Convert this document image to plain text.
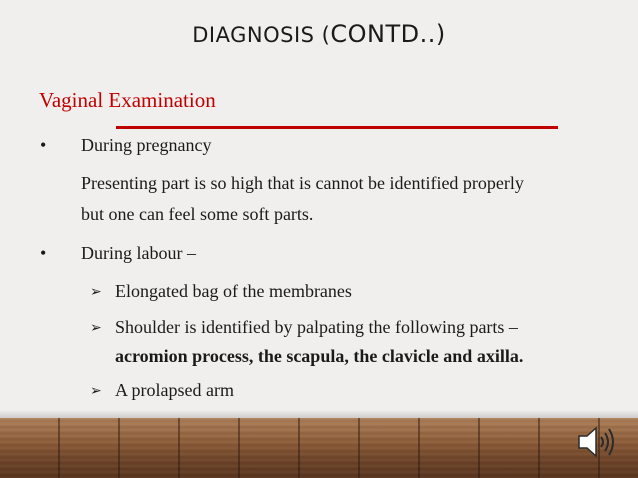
DIAGNOSIS (CONTD..)
Vaginal Examination
• During pregnancy
Presenting part is so high that is cannot be identified properly
but one can feel some soft parts.
• During labour –
➢ Elongated bag of the membranes
➢ Shoulder is identified by palpating the following parts –
acromion process, the scapula, the clavicle and axilla.
➢ A prolapsed arm
